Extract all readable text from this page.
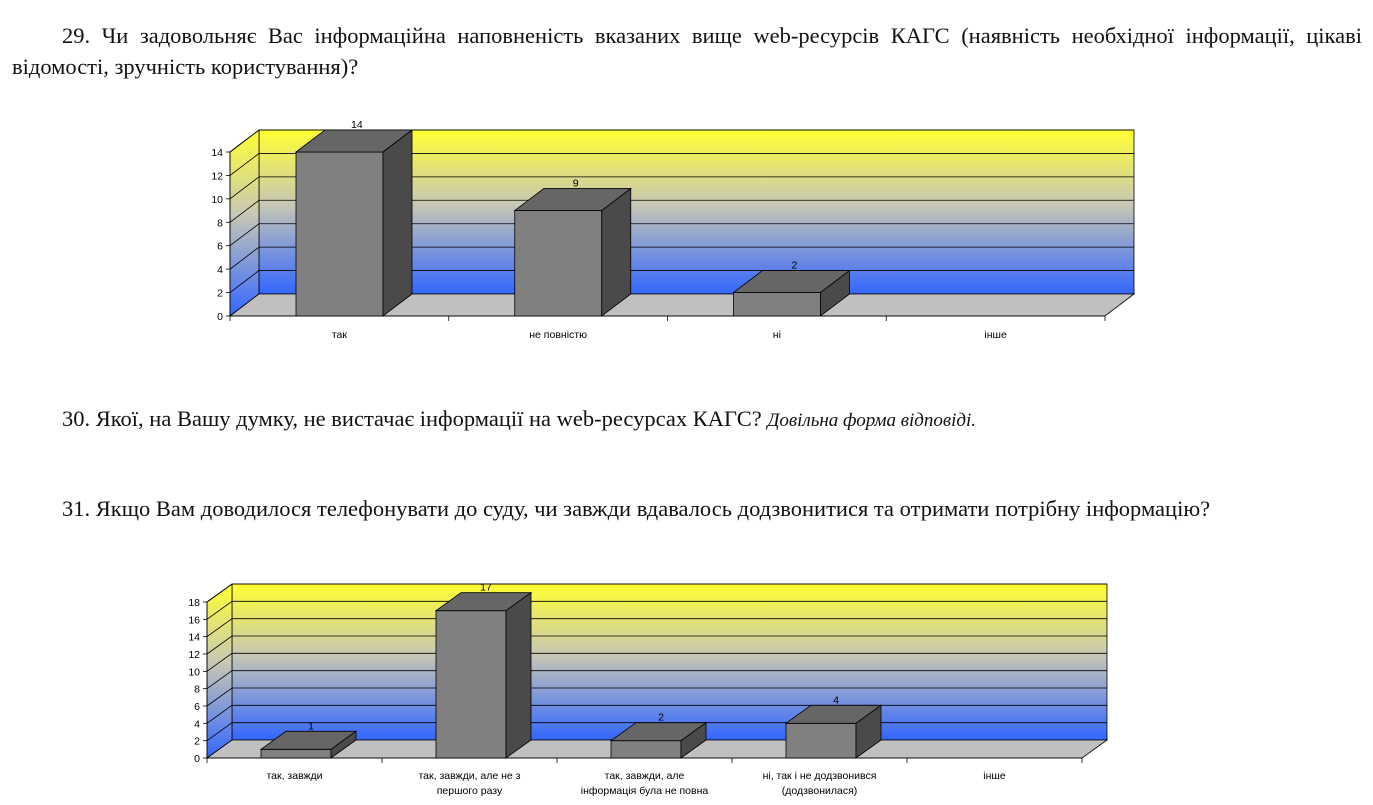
29. Чи задовольняє Вас інформаційна наповненість вказаних вище web-ресурсів КАГС (наявність необхідної інформації, цікаві відомості, зручність користування)?

0
2
4
6
8
10
12
14
14
так
9
не повністю
2
ні	інше

30. Якої, на Вашу думку, не вистачає інформації на web-ресурсах КАГС? Довільна форма відповіді.

31. Якщо Вам доводилося телефонувати до суду, чи завжди вдавалось додзвонитися та отримати потрібну інформацію?

0
2
4
6
8
10
12
14
16
18
1
так, завжди
17
так, завжди, але не з
першого разу
2
так, завжди, але
інформація була не повна
4
ні, так і не додзвонився
(додзвонилася)
інше
